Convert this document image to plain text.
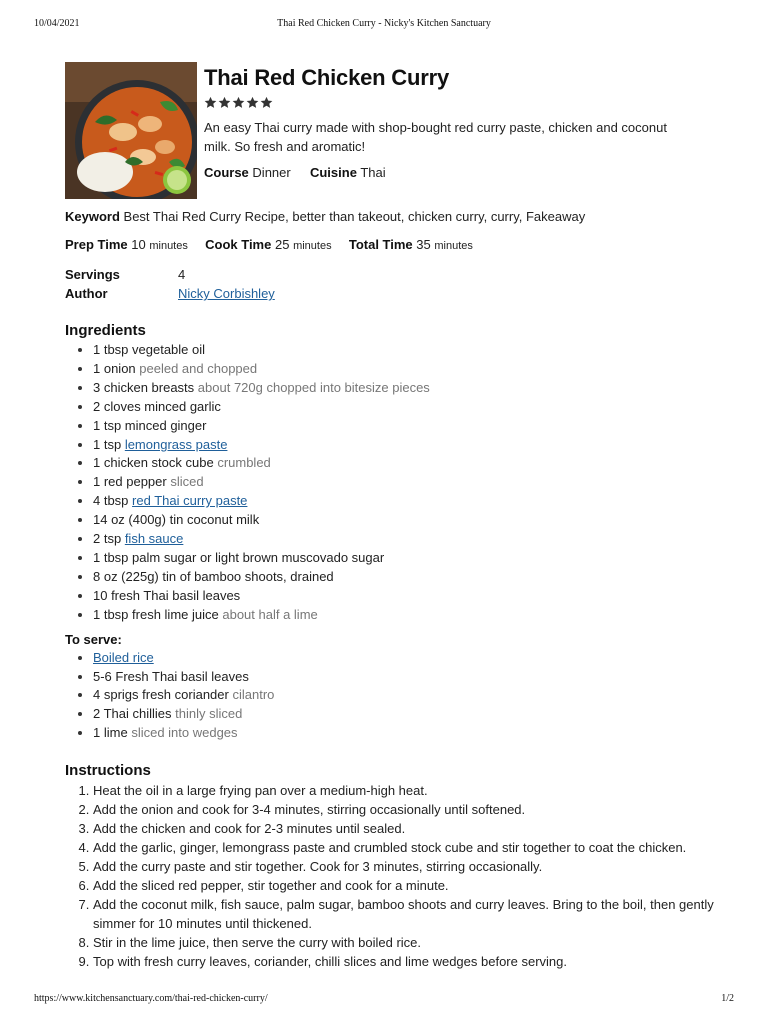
10/04/2021	Thai Red Chicken Curry - Nicky's Kitchen Sanctuary
Thai Red Chicken Curry

An easy Thai curry made with shop-bought red curry paste, chicken and coconut milk. So fresh and aromatic!

Course Dinner Cuisine Thai
Keyword Best Thai Red Curry Recipe, better than takeout, chicken curry, curry, Fakeaway
Prep Time 10 minutes Cook Time 25 minutes Total Time 35 minutes
Servings	4
Author	Nicky Corbishley
Ingredients
• 1 tbsp vegetable oil
• 1 onion peeled and chopped
• 3 chicken breasts about 720g chopped into bitesize pieces
• 2 cloves minced garlic
• 1 tsp minced ginger
• 1 tsp lemongrass paste
• 1 chicken stock cube crumbled
• 1 red pepper sliced
• 4 tbsp red Thai curry paste
• 14 oz (400g) tin coconut milk
• 2 tsp fish sauce
• 1 tbsp palm sugar or light brown muscovado sugar
• 8 oz (225g) tin of bamboo shoots, drained
• 10 fresh Thai basil leaves
• 1 tbsp fresh lime juice about half a lime
To serve:
• Boiled rice
• 5-6 Fresh Thai basil leaves
• 4 sprigs fresh coriander cilantro
• 2 Thai chillies thinly sliced
• 1 lime sliced into wedges
Instructions
1. Heat the oil in a large frying pan over a medium-high heat.
2. Add the onion and cook for 3-4 minutes, stirring occasionally until softened.
3. Add the chicken and cook for 2-3 minutes until sealed.
4. Add the garlic, ginger, lemongrass paste and crumbled stock cube and stir together to coat the chicken.
5. Add the curry paste and stir together. Cook for 3 minutes, stirring occasionally.
6. Add the sliced red pepper, stir together and cook for a minute.
7. Add the coconut milk, fish sauce, palm sugar, bamboo shoots and curry leaves. Bring to the boil, then gently simmer for 10 minutes until thickened.
8. Stir in the lime juice, then serve the curry with boiled rice.
9. Top with fresh curry leaves, coriander, chilli slices and lime wedges before serving.
https://www.kitchensanctuary.com/thai-red-chicken-curry/	1/2
